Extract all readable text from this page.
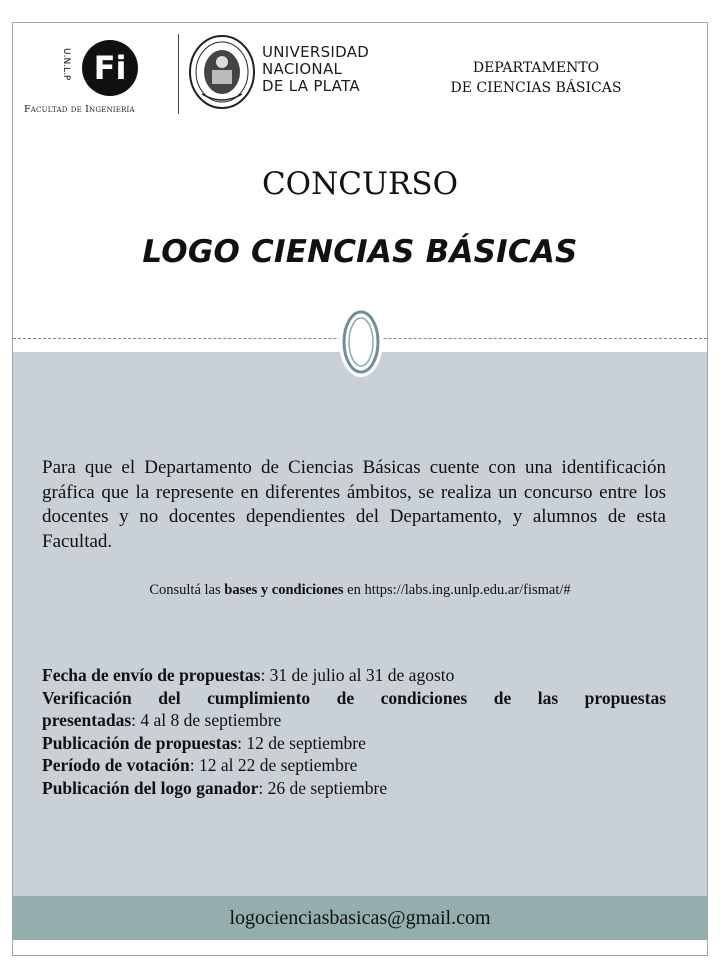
U.N.L.P Fi
Facultad de Ingeniería
UNIVERSIDAD
NACIONAL
DE LA PLATA
DEPARTAMENTO
DE CIENCIAS BÁSICAS
CONCURSO
LOGO CIENCIAS BÁSICAS
Para que el Departamento de Ciencias Básicas cuente con una identificación gráfica que la represente en diferentes ámbitos, se realiza un concurso entre los docentes y no docentes dependientes del Departamento, y alumnos de esta Facultad.
Consultá las bases y condiciones en https://labs.ing.unlp.edu.ar/fismat/#
Fecha de envío de propuestas: 31 de julio al 31 de agosto
Verificación del cumplimiento de condiciones de las propuestas
presentadas: 4 al 8 de septiembre
Publicación de propuestas: 12 de septiembre
Período de votación: 12 al 22 de septiembre
Publicación del logo ganador: 26 de septiembre
logocienciasbasicas@gmail.com
